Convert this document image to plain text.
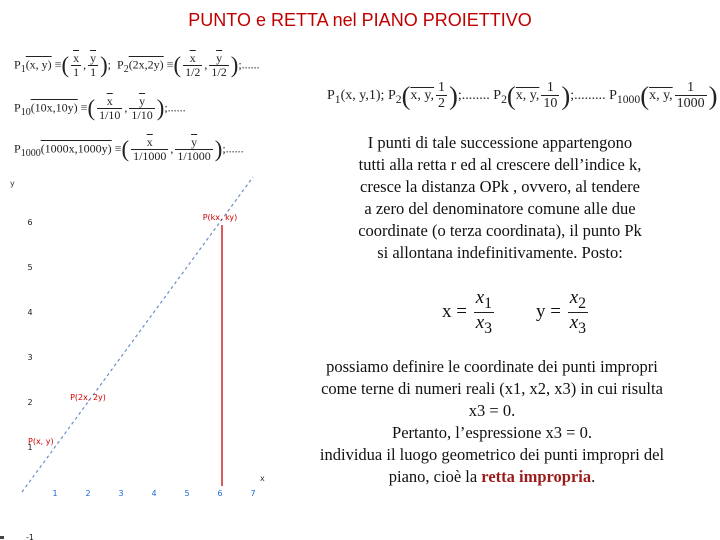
PUNTO e RETTA nel PIANO PROIETTIVO
$P_1(x$, y) ≡( $\frac{\overline{x}}{1}$ , $\frac{\overline{y}}{1}$ );  $P_2(2x,2y)$ ≡( $\frac{\overline{x}}{1/2}$ , $\frac{\overline{y}}{1/2}$ );......
$P_{10}(10x,10y)$ ≡( $\frac{\overline{x}}{1/10}$ , $\frac{\overline{y}}{1/10}$ );......
$P_{1000}(1000x,1000y)$ ≡( $\frac{\overline{x}}{1/1000}$ , $\frac{\overline{y}}{1/1000}$ );......
$P_1(x$, y,1); $P_2(x$, y, $\frac{1}{2}$ );........ $P_2(x$, y, $\frac{1}{10}$ );......... $P_{1000}(x$, y, $\frac{1}{1000}$ )
1	2	3	4	5	6	7
1
2
3
4
5
6
-1
y
x
P(x, y)
P(2x, 2y)
P(kx, ky)
I punti di tale successione appartengono
tutti alla retta r ed al crescere dell’indice k,
cresce la distanza OPk , ovvero, al tendere
a zero del denominatore comune alle due
coordinate (o terza coordinata), il punto Pk
si allontana indefinitivamente. Posto:
$x = \frac{x_1}{x_3}$ $y = \frac{x_2}{x_3}$
possiamo definire le coordinate dei punti impropri
come terne di numeri reali (x1, x2, x3) in cui risulta
x3 = 0.
Pertanto, l’espressione x3 = 0.
individua il luogo geometrico dei punti impropri del
piano, cioè la retta impropria.
